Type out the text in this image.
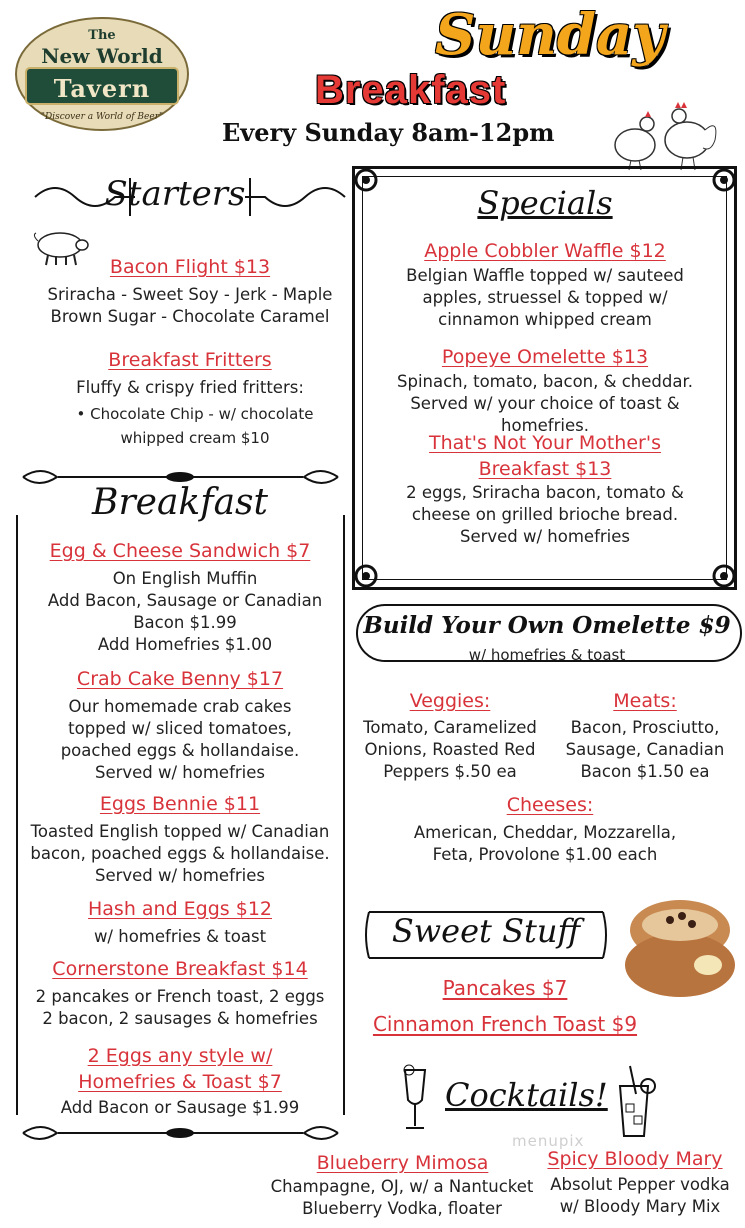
The
New World
Tavern
"Discover a World of Beer"
Sunday
Breakfast
Every Sunday 8am-12pm
Starters
Bacon Flight $13
Sriracha - Sweet Soy - Jerk - Maple Brown Sugar - Chocolate Caramel
Breakfast Fritters
Fluffy & crispy fried fritters:
• Chocolate Chip - w/ chocolate whipped cream $10
Breakfast
Egg & Cheese Sandwich $7
On English Muffin
Add Bacon, Sausage or Canadian Bacon $1.99
Add Homefries $1.00
Crab Cake Benny $17
Our homemade crab cakes topped w/ sliced tomatoes, poached eggs & hollandaise. Served w/ homefries
Eggs Bennie $11
Toasted English topped w/ Canadian bacon, poached eggs & hollandaise. Served w/ homefries
Hash and Eggs $12
w/ homefries & toast
Cornerstone Breakfast $14
2 pancakes or French toast, 2 eggs 2 bacon, 2 sausages & homefries
2 Eggs any style w/ Homefries & Toast $7
Add Bacon or Sausage $1.99
Specials
Apple Cobbler Waffle $12
Belgian Waffle topped w/ sauteed apples, struessel & topped w/ cinnamon whipped cream
Popeye Omelette $13
Spinach, tomato, bacon, & cheddar. Served w/ your choice of toast & homefries.
That's Not Your Mother's Breakfast $13
2 eggs, Sriracha bacon, tomato & cheese on grilled brioche bread. Served w/ homefries
Build Your Own Omelette $9
w/ homefries & toast
Veggies:
Tomato, Caramelized Onions, Roasted Red Peppers $.50 ea
Meats:
Bacon, Prosciutto, Sausage, Canadian Bacon $1.50 ea
Cheeses:
American, Cheddar, Mozzarella, Feta, Provolone $1.00 each
Sweet Stuff
Pancakes $7
Cinnamon French Toast $9
Cocktails!
menupix
Blueberry Mimosa
Champagne, OJ, w/ a Nantucket Blueberry Vodka, floater
Spicy Bloody Mary
Absolut Pepper vodka w/ Bloody Mary Mix
